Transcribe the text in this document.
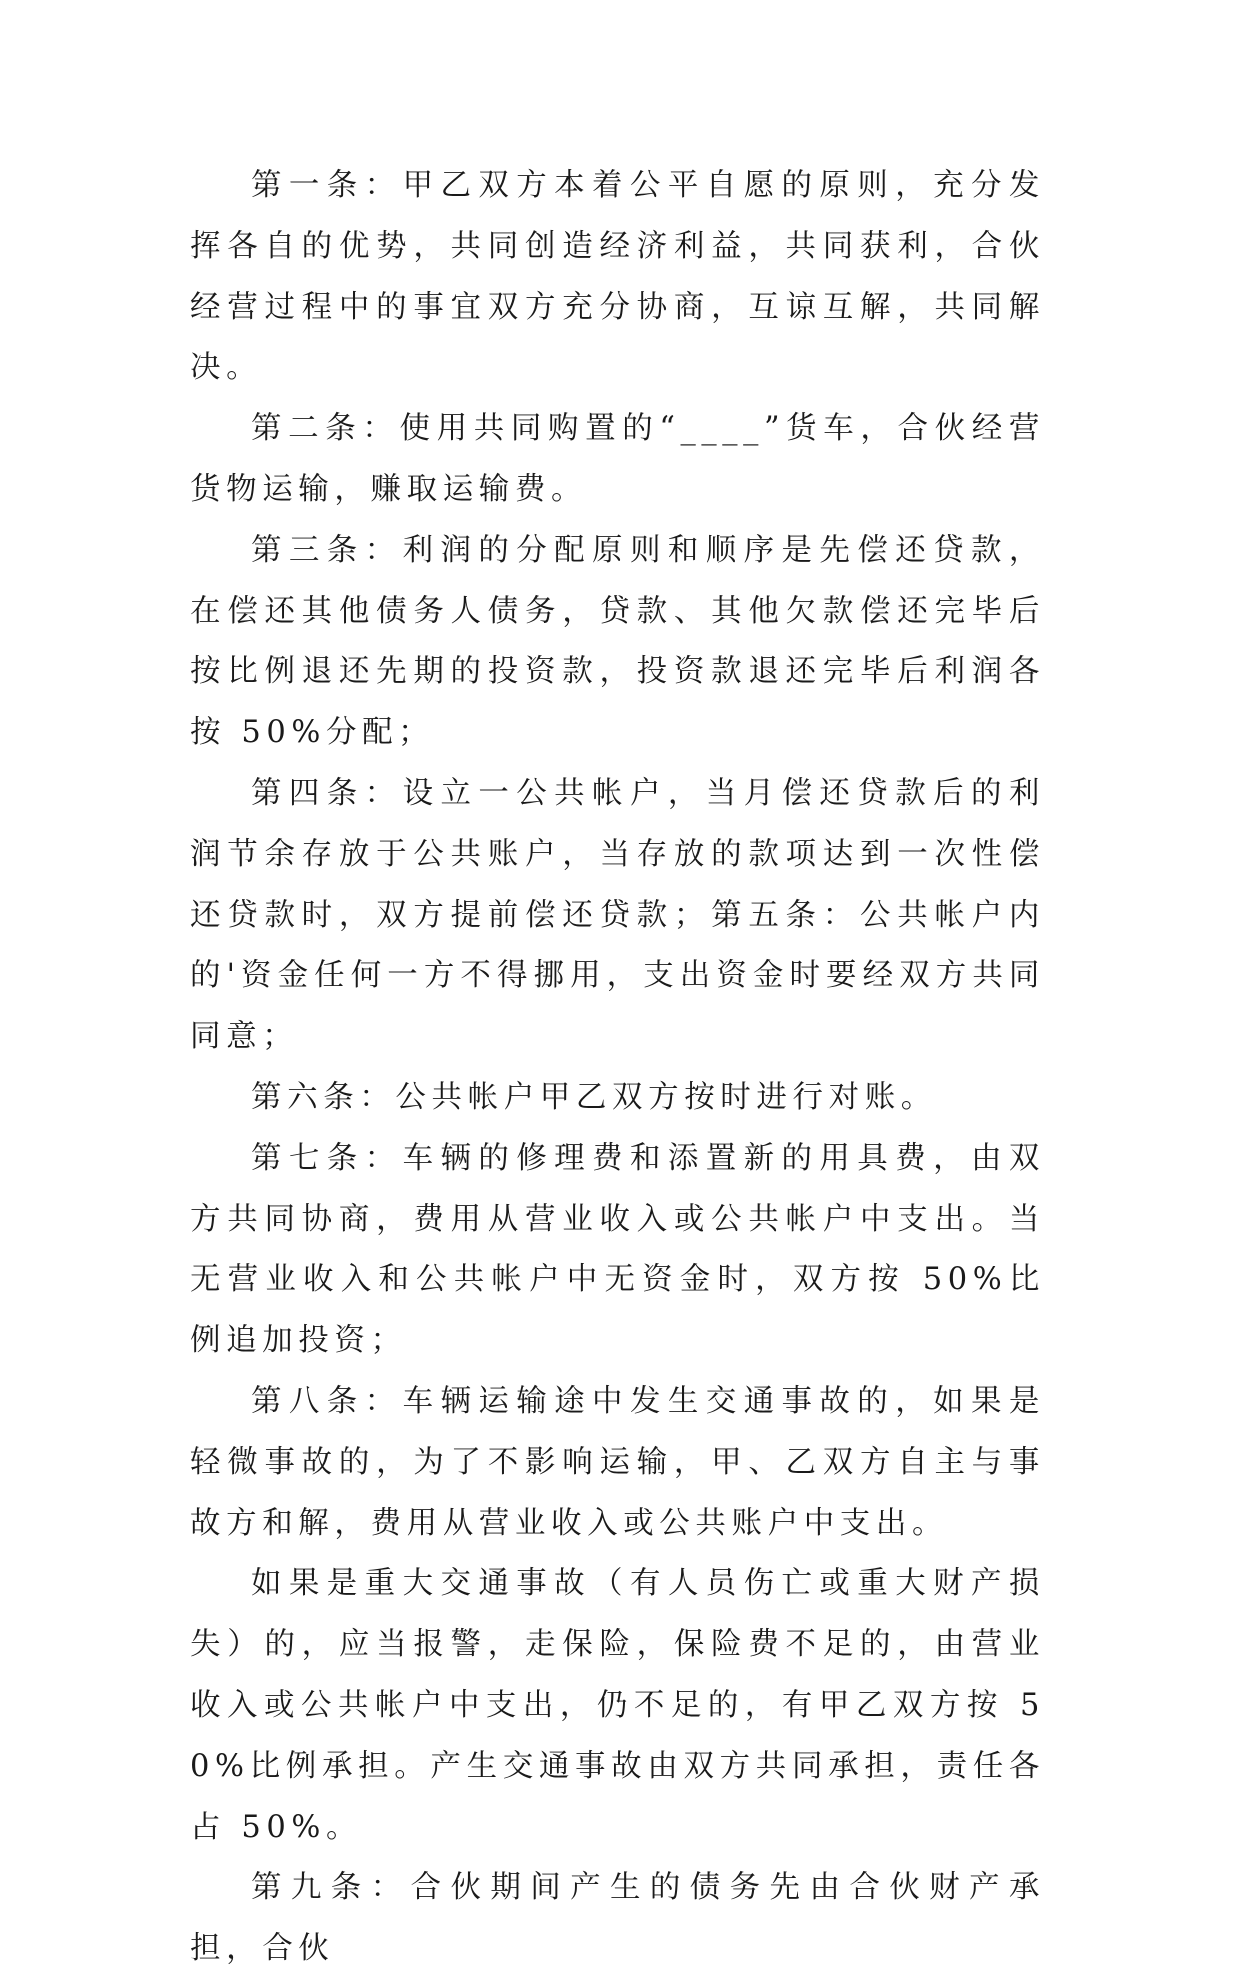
第一条：甲乙双方本着公平自愿的原则，充分发挥各自的优势，共同创造经济利益，共同获利，合伙经营过程中的事宜双方充分协商，互谅互解，共同解决。

第二条：使用共同购置的“____”货车，合伙经营货物运输，赚取运输费。

第三条：利润的分配原则和顺序是先偿还贷款，在偿还其他债务人债务，贷款、其他欠款偿还完毕后按比例退还先期的投资款，投资款退还完毕后利润各按 50%分配；

第四条：设立一公共帐户，当月偿还贷款后的利润节余存放于公共账户，当存放的款项达到一次性偿还贷款时，双方提前偿还贷款；第五条：公共帐户内的'资金任何一方不得挪用，支出资金时要经双方共同同意；

第六条：公共帐户甲乙双方按时进行对账。

第七条：车辆的修理费和添置新的用具费，由双方共同协商，费用从营业收入或公共帐户中支出。当无营业收入和公共帐户中无资金时，双方按 50%比例追加投资；

第八条：车辆运输途中发生交通事故的，如果是轻微事故的，为了不影响运输，甲、乙双方自主与事故方和解，费用从营业收入或公共账户中支出。

如果是重大交通事故（有人员伤亡或重大财产损失）的，应当报警，走保险，保险费不足的，由营业收入或公共帐户中支出，仍不足的，有甲乙双方按 50%比例承担。产生交通事故由双方共同承担，责任各占 50%。

第九条：合伙期间产生的债务先由合伙财产承担，合伙
